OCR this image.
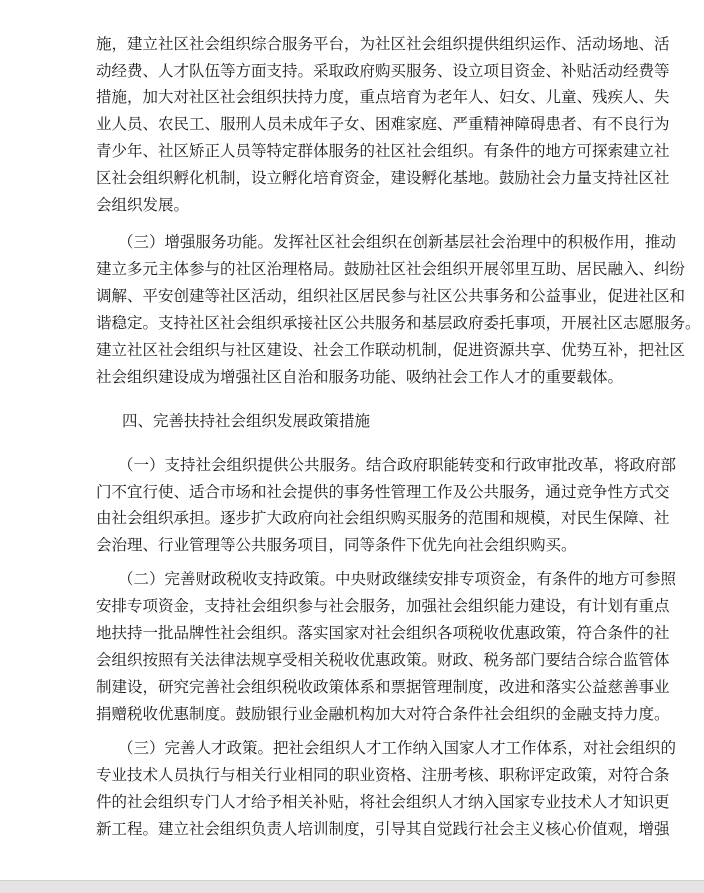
施，建立社区社会组织综合服务平台，为社区社会组织提供组织运作、活动场地、活
动经费、人才队伍等方面支持。采取政府购买服务、设立项目资金、补贴活动经费等
措施，加大对社区社会组织扶持力度，重点培育为老年人、妇女、儿童、残疾人、失
业人员、农民工、服刑人员未成年子女、困难家庭、严重精神障碍患者、有不良行为
青少年、社区矫正人员等特定群体服务的社区社会组织。有条件的地方可探索建立社
区社会组织孵化机制，设立孵化培育资金，建设孵化基地。鼓励社会力量支持社区社
会组织发展。
（三）增强服务功能。发挥社区社会组织在创新基层社会治理中的积极作用，推动
建立多元主体参与的社区治理格局。鼓励社区社会组织开展邻里互助、居民融入、纠纷
调解、平安创建等社区活动，组织社区居民参与社区公共事务和公益事业，促进社区和
谐稳定。支持社区社会组织承接社区公共服务和基层政府委托事项，开展社区志愿服务。
建立社区社会组织与社区建设、社会工作联动机制，促进资源共享、优势互补，把社区
社会组织建设成为增强社区自治和服务功能、吸纳社会工作人才的重要载体。
四、完善扶持社会组织发展政策措施
（一）支持社会组织提供公共服务。结合政府职能转变和行政审批改革，将政府部
门不宜行使、适合市场和社会提供的事务性管理工作及公共服务，通过竞争性方式交
由社会组织承担。逐步扩大政府向社会组织购买服务的范围和规模，对民生保障、社
会治理、行业管理等公共服务项目，同等条件下优先向社会组织购买。
（二）完善财政税收支持政策。中央财政继续安排专项资金，有条件的地方可参照
安排专项资金，支持社会组织参与社会服务，加强社会组织能力建设，有计划有重点
地扶持一批品牌性社会组织。落实国家对社会组织各项税收优惠政策，符合条件的社
会组织按照有关法律法规享受相关税收优惠政策。财政、税务部门要结合综合监管体
制建设，研究完善社会组织税收政策体系和票据管理制度，改进和落实公益慈善事业
捐赠税收优惠制度。鼓励银行业金融机构加大对符合条件社会组织的金融支持力度。
（三）完善人才政策。把社会组织人才工作纳入国家人才工作体系，对社会组织的
专业技术人员执行与相关行业相同的职业资格、注册考核、职称评定政策，对符合条
件的社会组织专门人才给予相关补贴，将社会组织人才纳入国家专业技术人才知识更
新工程。建立社会组织负责人培训制度，引导其自觉践行社会主义核心价值观，增强
